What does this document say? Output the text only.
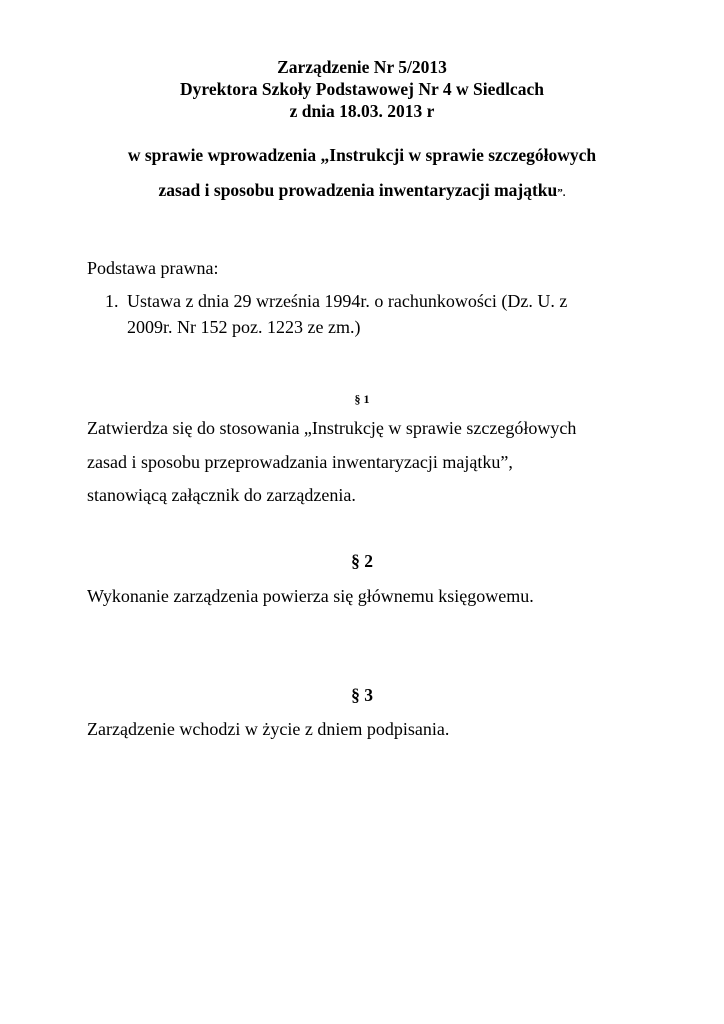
Zarządzenie Nr 5/2013
Dyrektora Szkoły Podstawowej Nr 4 w Siedlcach
z dnia 18.03. 2013 r
w sprawie wprowadzenia „Instrukcji w sprawie szczegółowych
zasad i sposobu prowadzenia inwentaryzacji majątku”.
Podstawa prawna:
1. Ustawa z dnia 29 września 1994r. o rachunkowości (Dz. U. z
2009r. Nr 152 poz. 1223 ze zm.)
§ 1
Zatwierdza się do stosowania „Instrukcję w sprawie szczegółowych
zasad i sposobu przeprowadzania inwentaryzacji majątku”,
stanowiącą załącznik do zarządzenia.
§ 2
Wykonanie zarządzenia powierza się głównemu księgowemu.
§ 3
Zarządzenie wchodzi w życie z dniem podpisania.
